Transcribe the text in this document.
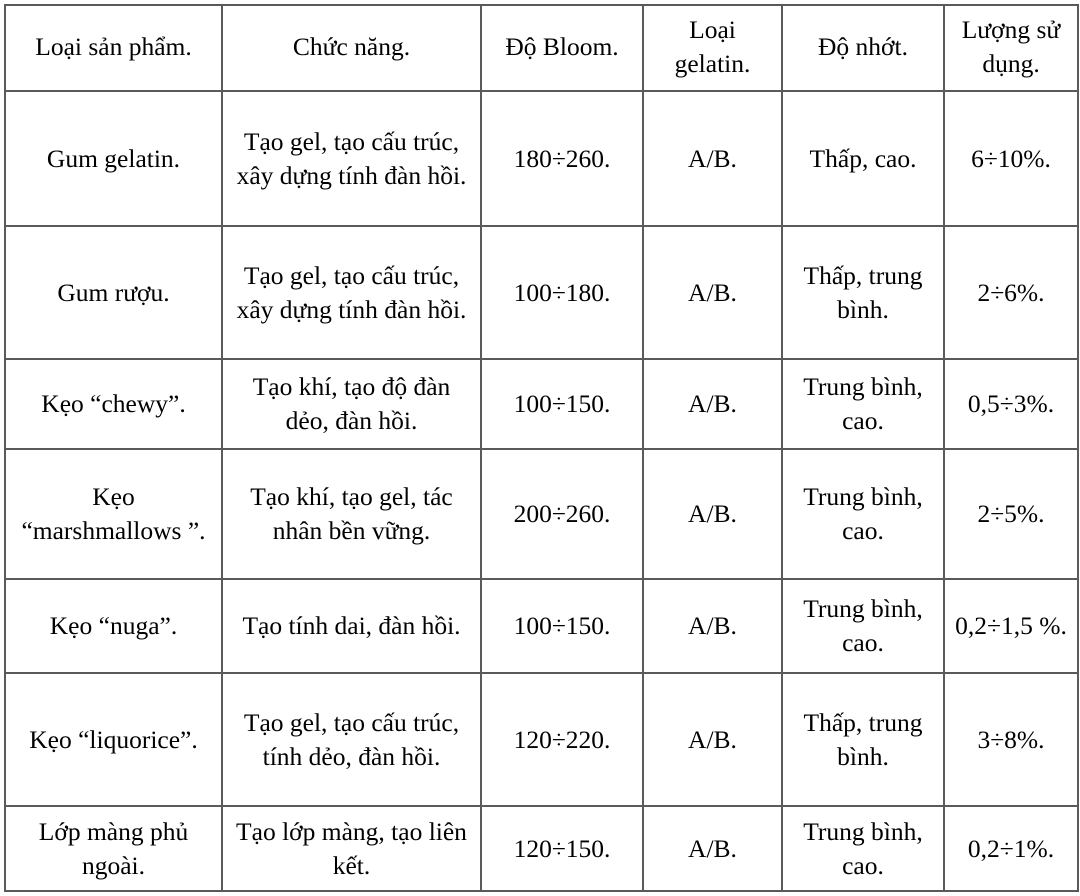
Loại sản phẩm.	Chức năng.	Độ Bloom.	Loại gelatin.	Độ nhớt.	Lượng sử dụng.

Gum gelatin.	Tạo gel, tạo cấu trúc, xây dựng tính đàn hồi.	180÷260.	A/B.	Thấp, cao.	6÷10%.

Gum rượu.	Tạo gel, tạo cấu trúc, xây dựng tính đàn hồi.	100÷180.	A/B.	Thấp, trung bình.	2÷6%.

Kẹo “chewy”.	Tạo khí, tạo độ đàn dẻo, đàn hồi.	100÷150.	A/B.	Trung bình, cao.	0,5÷3%.

Kẹo “marshmallows ”.	Tạo khí, tạo gel, tác nhân bền vững.	200÷260.	A/B.	Trung bình, cao.	2÷5%.

Kẹo “nuga”.	Tạo tính dai, đàn hồi.	100÷150.	A/B.	Trung bình, cao.	0,2÷1,5 %.

Kẹo “liquorice”.	Tạo gel, tạo cấu trúc, tính dẻo, đàn hồi.	120÷220.	A/B.	Thấp, trung bình.	3÷8%.

Lớp màng phủ ngoài.	Tạo lớp màng, tạo liên kết.	120÷150.	A/B.	Trung bình, cao.	0,2÷1%.
